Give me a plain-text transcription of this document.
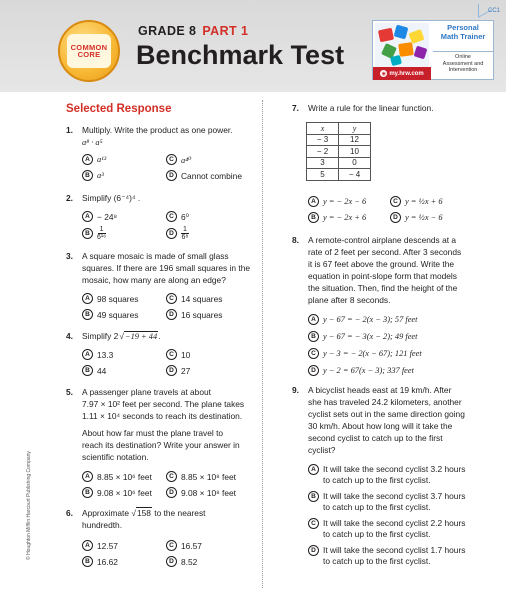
CC1
COMMON
CORE
GRADE 8 PART 1
Benchmark Test
◉ my.hrw.com
Personal
Math Trainer
Online
Assessment and
Intervention
© Houghton Mifflin Harcourt Publishing Company
Selected Response
1. Multiply. Write the product as one power.
a⁸ · a⁵
A a¹³	C a⁴⁰
B a³	D Cannot combine
2. Simplify (6⁻⁴)⁴ .
A − 24⁸	C 6⁰
B	$\frac{1}{\text{6¹⁶}}$	D	$\frac{1}{\text{6⁸}}$
3. A square mosaic is made of small glass
squares. If there are 196 small squares in the
mosaic, how many are along an edge?
A 98 squares	C 14 squares
B 49 squares	D 16 squares
4. Simplify 2√−19 + 44.
A 13.3	C 10
B 44	D 27
5. A passenger plane travels at about
7.97 × 10² feet per second. The plane takes
1.11 × 10⁴ seconds to reach its destination.
About how far must the plane travel to
reach its destination? Write your answer in
scientific notation.
A 8.85 × 10⁶ feet	C 8.85 × 10⁸ feet
B 9.08 × 10⁶ feet	D 9.08 × 10⁸ feet
6. Approximate √158 to the nearest
hundredth.
A 12.57	C 16.57
B 16.62	D 8.52
7. Write a rule for the linear function.
x	y
− 3	12
− 2	10
3	0
5	− 4
A y = − 2x − 6	C y = ½x + 6
B y = − 2x + 6	D y = ½x − 6
8. A remote-control airplane descends at a
rate of 2 feet per second. After 3 seconds
it is 67 feet above the ground. Write the
equation in point-slope form that models
the situation. Then, find the height of the
plane after 8 seconds.
A y − 67 = − 2(x − 3); 57 feet
B y − 67 = − 3(x − 2); 49 feet
C y − 3 = − 2(x − 67); 121 feet
D y − 2 = 67(x − 3); 337 feet
9. A bicyclist heads east at 19 km/h. After
she has traveled 24.2 kilometers, another
cyclist sets out in the same direction going
30 km/h. About how long will it take the
second cyclist to catch up to the first
cyclist?
A It will take the second cyclist 3.2 hours
to catch up to the first cyclist.
B It will take the second cyclist 3.7 hours
to catch up to the first cyclist.
C It will take the second cyclist 2.2 hours
to catch up to the first cyclist.
D It will take the second cyclist 1.7 hours
to catch up to the first cyclist.
